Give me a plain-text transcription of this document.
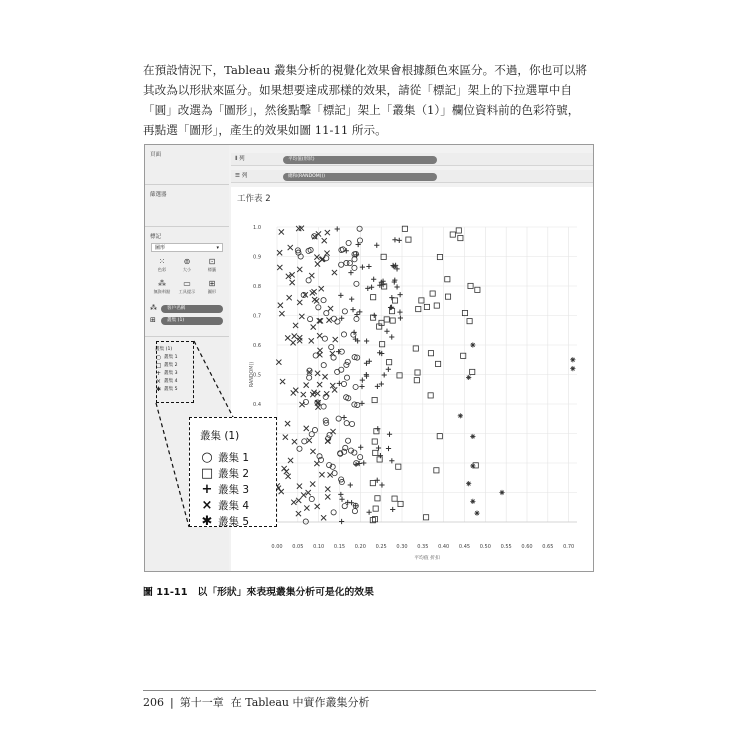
在預設情況下，Tableau 叢集分析的視覺化效果會根據顏色來區分。不過，你也可以將
其改為以形狀來區分。如果想要達成那樣的效果，請從「標記」架上的下拉選單中自
「圓」改選為「圖形」，然後點擊「標記」架上「叢集（1）」欄位資料前的色彩符號，
再點選「圖形」，產生的效果如圖 11-11 所示。
頁面
篩選器
標記
圖形	▾
⁙
色彩
⊚
大小
⊡
標籤
⁂
無資料點
▭
工具提示
⊞
圖形
⁂	客戶名稱
⊞	叢集 (1)
叢集 (1)
○ 叢集 1
□ 叢集 2
+ 叢集 3
× 叢集 4
✱ 叢集 5
⦀ 列	平均值(形狀)
☰ 列	總和(RANDOM())
工作表 2
0.00 0.05 0.10 0.15 0.20 0.25 0.30 0.35 0.40 0.45 0.50 0.55 0.60 0.65 0.70
0.4
0.5
0.6
0.7
0.8
0.9
1.0
平均值 折扣
RANDOM()
叢集 (1)
○ 叢集 1
□ 叢集 2
+ 叢集 3
× 叢集 4
✱ 叢集 5
圖 11-11 以「形狀」來表現叢集分析可是化的效果
206 | 第十一章 在 Tableau 中實作叢集分析
